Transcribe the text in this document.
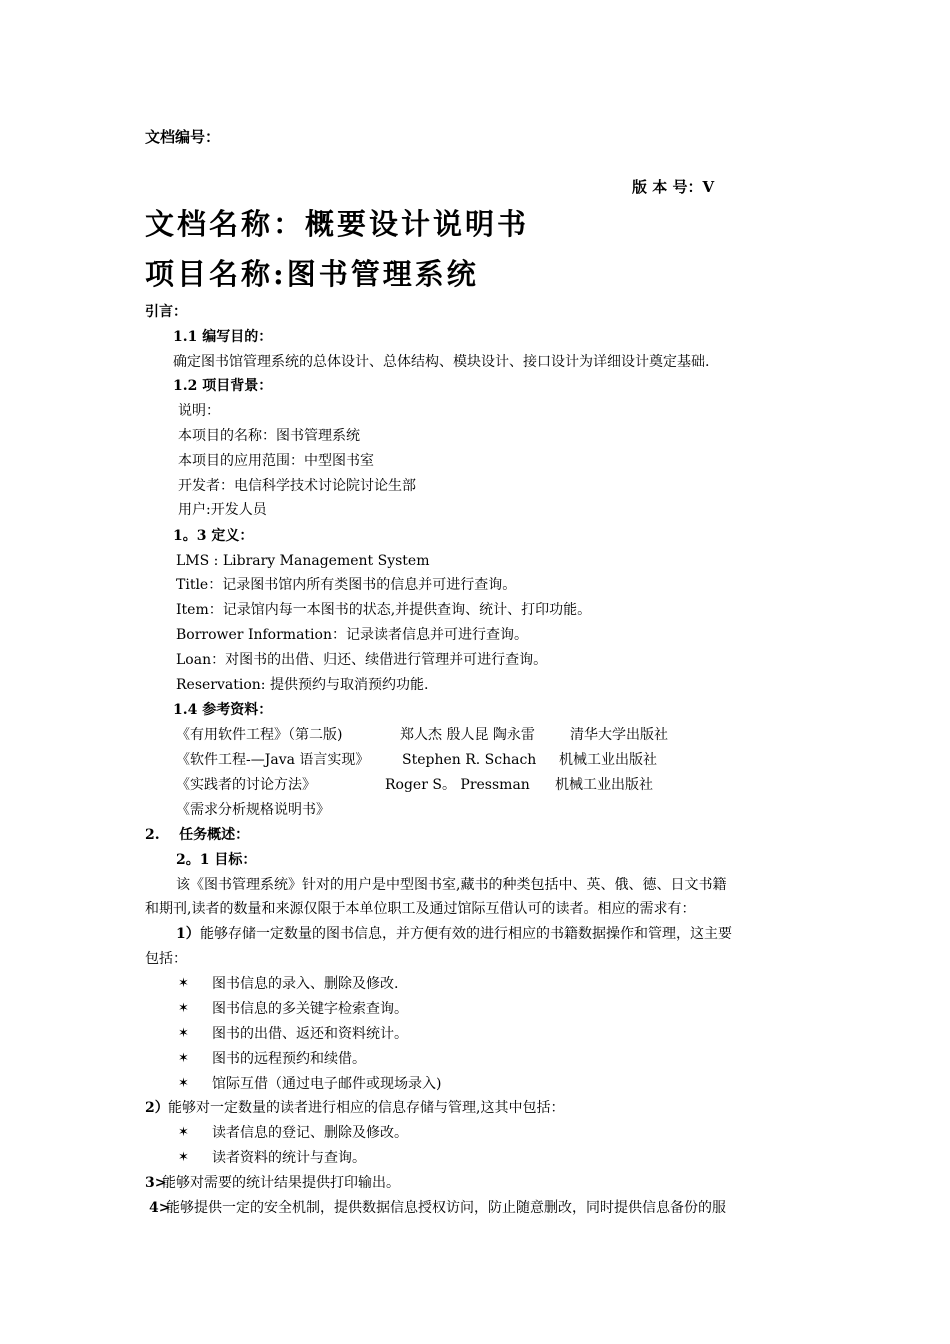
文档编号：
版 本 号：V
文档名称：概要设计说明书
项目名称:图书管理系统
引言：
1.1 编写目的：
确定图书馆管理系统的总体设计、总体结构、模块设计、接口设计为详细设计奠定基础.
1.2 项目背景：
说明：
本项目的名称：图书管理系统
本项目的应用范围：中型图书室
开发者：电信科学技术讨论院讨论生部
用户:开发人员
1。3 定义：
LMS : Library Management System
Title：记录图书馆内所有类图书的信息并可进行查询。
Item：记录馆内每一本图书的状态,并提供查询、统计、打印功能。
Borrower Information：记录读者信息并可进行查询。
Loan：对图书的出借、归还、续借进行管理并可进行查询。
Reservation: 提供预约与取消预约功能.
1.4 参考资料：
《有用软件工程》（第二版)	郑人杰 殷人昆 陶永雷	清华大学出版社
《软件工程-—Java 语言实现》 Stephen R. Schach 机械工业出版社
《实践者的讨论方法》	Roger S。 Pressman 机械工业出版社
《需求分析规格说明书》
2.    任务概述：
2。1 目标：
该《图书管理系统》针对的用户是中型图书室,藏书的种类包括中、英、俄、德、日文书籍
和期刊,读者的数量和来源仅限于本单位职工及通过馆际互借认可的读者。相应的需求有：
1） 能够存储一定数量的图书信息，并方便有效的进行相应的书籍数据操作和管理，这主要
包括：
✶ 图书信息的录入、删除及修改.
✶ 图书信息的多关键字检索查询。
✶ 图书的出借、返还和资料统计。
✶ 图书的远程预约和续借。
✶ 馆际互借（通过电子邮件或现场录入)
2） 能够对一定数量的读者进行相应的信息存储与管理,这其中包括：
✶ 读者信息的登记、删除及修改。
✶ 读者资料的统计与查询。
3>
能够对需要的统计结果提供打印输出。
4>
能够提供一定的安全机制，提供数据信息授权访问，防止随意删改，同时提供信息备份的服
